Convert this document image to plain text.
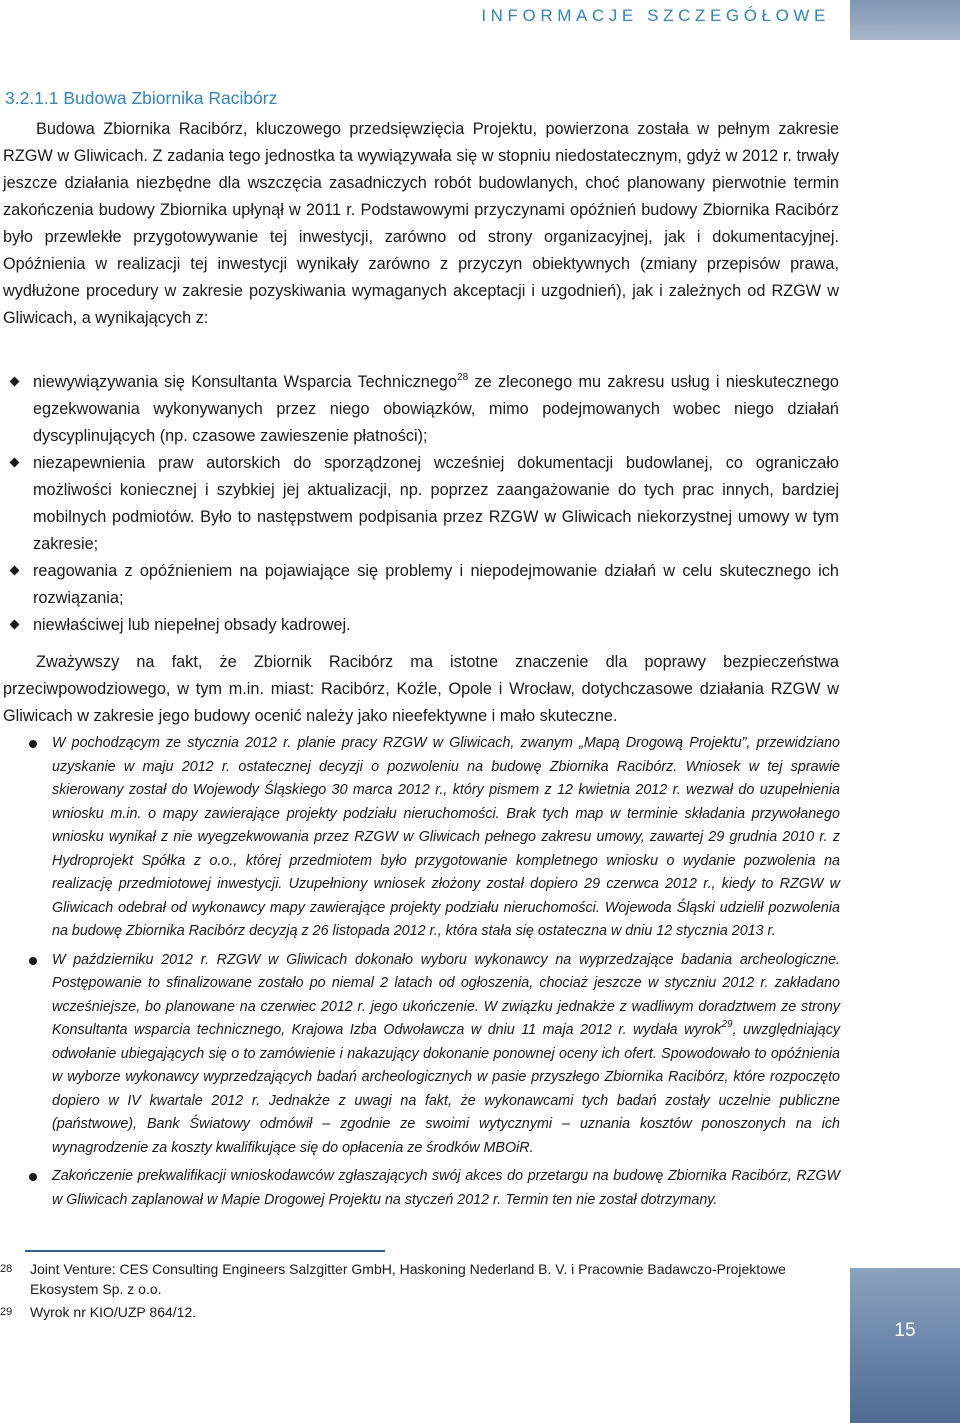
INFORMACJE SZCZEGÓŁOWE
3.2.1.1 Budowa Zbiornika Racibórz

Budowa Zbiornika Racibórz, kluczowego przedsięwzięcia Projektu, powierzona została w pełnym zakresie RZGW w Gliwicach. Z zadania tego jednostka ta wywiązywała się w stopniu niedostatecznym, gdyż w 2012 r. trwały jeszcze działania niezbędne dla wszczęcia zasadniczych robót budowlanych, choć planowany pierwotnie termin zakończenia budowy Zbiornika upłynął w 2011 r. Podstawowymi przyczynami opóźnień budowy Zbiornika Racibórz było przewlekłe przygotowywanie tej inwestycji, zarówno od strony organizacyjnej, jak i dokumentacyjnej. Opóźnienia w realizacji tej inwestycji wynikały zarówno z przyczyn obiektywnych (zmiany przepisów prawa, wydłużone procedury w zakresie pozyskiwania wymaganych akceptacji i uzgodnień), jak i zależnych od RZGW w Gliwicach, a wynikających z:

niewywiązywania się Konsultanta Wsparcia Technicznego$^{28}$ ze zleconego mu zakresu usług i nieskutecznego egzekwowania wykonywanych przez niego obowiązków, mimo podejmowanych wobec niego działań dyscyplinujących (np. czasowe zawieszenie płatności);
niezapewnienia praw autorskich do sporządzonej wcześniej dokumentacji budowlanej, co ograniczało możliwości koniecznej i szybkiej jej aktualizacji, np. poprzez zaangażowanie do tych prac innych, bardziej mobilnych podmiotów. Było to następstwem podpisania przez RZGW w Gliwicach niekorzystnej umowy w tym zakresie;
reagowania z opóźnieniem na pojawiające się problemy i niepodejmowanie działań w celu skutecznego ich rozwiązania;
niewłaściwej lub niepełnej obsady kadrowej.

Zważywszy na fakt, że Zbiornik Racibórz ma istotne znaczenie dla poprawy bezpieczeństwa przeciwpowodziowego, w tym m.in. miast: Racibórz, Koźle, Opole i Wrocław, dotychczasowe działania RZGW w Gliwicach w zakresie jego budowy ocenić należy jako nieefektywne i mało skuteczne.

W pochodzącym ze stycznia 2012 r. planie pracy RZGW w Gliwicach, zwanym „Mapą Drogową Projektu”, przewidziano uzyskanie w maju 2012 r. ostatecznej decyzji o pozwoleniu na budowę Zbiornika Racibórz. Wniosek w tej sprawie skierowany został do Wojewody Śląskiego 30 marca 2012 r., który pismem z 12 kwietnia 2012 r. wezwał do uzupełnienia wniosku m.in. o mapy zawierające projekty podziału nieruchomości. Brak tych map w terminie składania przywołanego wniosku wynikał z nie wyegzekwowania przez RZGW w Gliwicach pełnego zakresu umowy, zawartej 29 grudnia 2010 r. z Hydroprojekt Spółka z o.o., której przedmiotem było przygotowanie kompletnego wniosku o wydanie pozwolenia na realizację przedmiotowej inwestycji. Uzupełniony wniosek złożony został dopiero 29 czerwca 2012 r., kiedy to RZGW w Gliwicach odebrał od wykonawcy mapy zawierające projekty podziału nieruchomości. Wojewoda Śląski udzielił pozwolenia na budowę Zbiornika Racibórz decyzją z 26 listopada 2012 r., która stała się ostateczna w dniu 12 stycznia 2013 r.
W październiku 2012 r. RZGW w Gliwicach dokonało wyboru wykonawcy na wyprzedzające badania archeologiczne. Postępowanie to sfinalizowane zostało po niemal 2 latach od ogłoszenia, chociaż jeszcze w styczniu 2012 r. zakładano wcześniejsze, bo planowane na czerwiec 2012 r. jego ukończenie. W związku jednakże z wadliwym doradztwem ze strony Konsultanta wsparcia technicznego, Krajowa Izba Odwoławcza w dniu 11 maja 2012 r. wydała wyrok$^{29}$, uwzględniający odwołanie ubiegających się o to zamówienie i nakazujący dokonanie ponownej oceny ich ofert. Spowodowało to opóźnienia w wyborze wykonawcy wyprzedzających badań archeologicznych w pasie przyszłego Zbiornika Racibórz, które rozpoczęto dopiero w IV kwartale 2012 r. Jednakże z uwagi na fakt, że wykonawcami tych badań zostały uczelnie publiczne (państwowe), Bank Światowy odmówił – zgodnie ze swoimi wytycznymi – uznania kosztów ponoszonych na ich wynagrodzenie za koszty kwalifikujące się do opłacenia ze środków MBOiR.
Zakończenie prekwalifikacji wnioskodawców zgłaszających swój akces do przetargu na budowę Zbiornika Racibórz, RZGW w Gliwicach zaplanował w Mapie Drogowej Projektu na styczeń 2012 r. Termin ten nie został dotrzymany.
28 Joint Venture: CES Consulting Engineers Salzgitter GmbH, Haskoning Nederland B. V. i Pracownie Badawczo-Projektowe Ekosystem Sp. z o.o.
29 Wyrok nr KIO/UZP 864/12.
15
